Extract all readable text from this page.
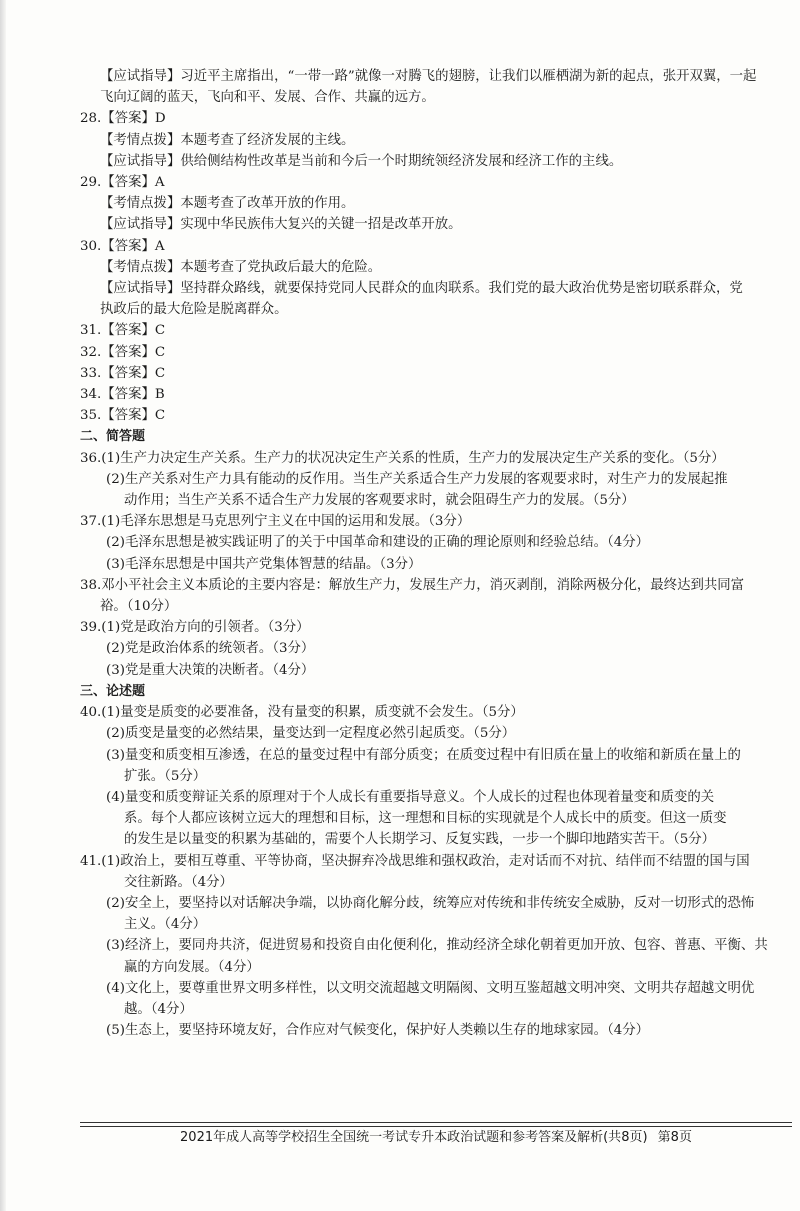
【应试指导】习近平主席指出，“一带一路”就像一对腾飞的翅膀，让我们以雁栖湖为新的起点，张开双翼，一起
飞向辽阔的蓝天，飞向和平、发展、合作、共赢的远方。
28.【答案】D
【考情点拨】本题考查了经济发展的主线。
【应试指导】供给侧结构性改革是当前和今后一个时期统领经济发展和经济工作的主线。
29.【答案】A
【考情点拨】本题考查了改革开放的作用。
【应试指导】实现中华民族伟大复兴的关键一招是改革开放。
30.【答案】A
【考情点拨】本题考查了党执政后最大的危险。
【应试指导】坚持群众路线，就要保持党同人民群众的血肉联系。我们党的最大政治优势是密切联系群众，党
执政后的最大危险是脱离群众。
31.【答案】C
32.【答案】C
33.【答案】C
34.【答案】B
35.【答案】C
二、简答题
36.(1)生产力决定生产关系。生产力的状况决定生产关系的性质，生产力的发展决定生产关系的变化。（5分）
(2)生产关系对生产力具有能动的反作用。当生产关系适合生产力发展的客观要求时，对生产力的发展起推
动作用；当生产关系不适合生产力发展的客观要求时，就会阻碍生产力的发展。（5分）
37.(1)毛泽东思想是马克思列宁主义在中国的运用和发展。（3分）
(2)毛泽东思想是被实践证明了的关于中国革命和建设的正确的理论原则和经验总结。（4分）
(3)毛泽东思想是中国共产党集体智慧的结晶。（3分）
38.邓小平社会主义本质论的主要内容是：解放生产力，发展生产力，消灭剥削，消除两极分化，最终达到共同富
裕。（10分）
39.(1)党是政治方向的引领者。（3分）
(2)党是政治体系的统领者。（3分）
(3)党是重大决策的决断者。（4分）
三、论述题
40.(1)量变是质变的必要准备，没有量变的积累，质变就不会发生。（5分）
(2)质变是量变的必然结果，量变达到一定程度必然引起质变。（5分）
(3)量变和质变相互渗透，在总的量变过程中有部分质变；在质变过程中有旧质在量上的收缩和新质在量上的
扩张。（5分）
(4)量变和质变辩证关系的原理对于个人成长有重要指导意义。个人成长的过程也体现着量变和质变的关
系。每个人都应该树立远大的理想和目标，这一理想和目标的实现就是个人成长中的质变。但这一质变
的发生是以量变的积累为基础的，需要个人长期学习、反复实践，一步一个脚印地踏实苦干。（5分）
41.(1)政治上，要相互尊重、平等协商，坚决摒弃冷战思维和强权政治，走对话而不对抗、结伴而不结盟的国与国
交往新路。（4分）
(2)安全上，要坚持以对话解决争端，以协商化解分歧，统筹应对传统和非传统安全威胁，反对一切形式的恐怖
主义。（4分）
(3)经济上，要同舟共济，促进贸易和投资自由化便利化，推动经济全球化朝着更加开放、包容、普惠、平衡、共
赢的方向发展。（4分）
(4)文化上，要尊重世界文明多样性，以文明交流超越文明隔阂、文明互鉴超越文明冲突、文明共存超越文明优
越。（4分）
(5)生态上，要坚持环境友好，合作应对气候变化，保护好人类赖以生存的地球家园。（4分）
2021年成人高等学校招生全国统一考试专升本政治试题和参考答案及解析(共8页) 第8页
